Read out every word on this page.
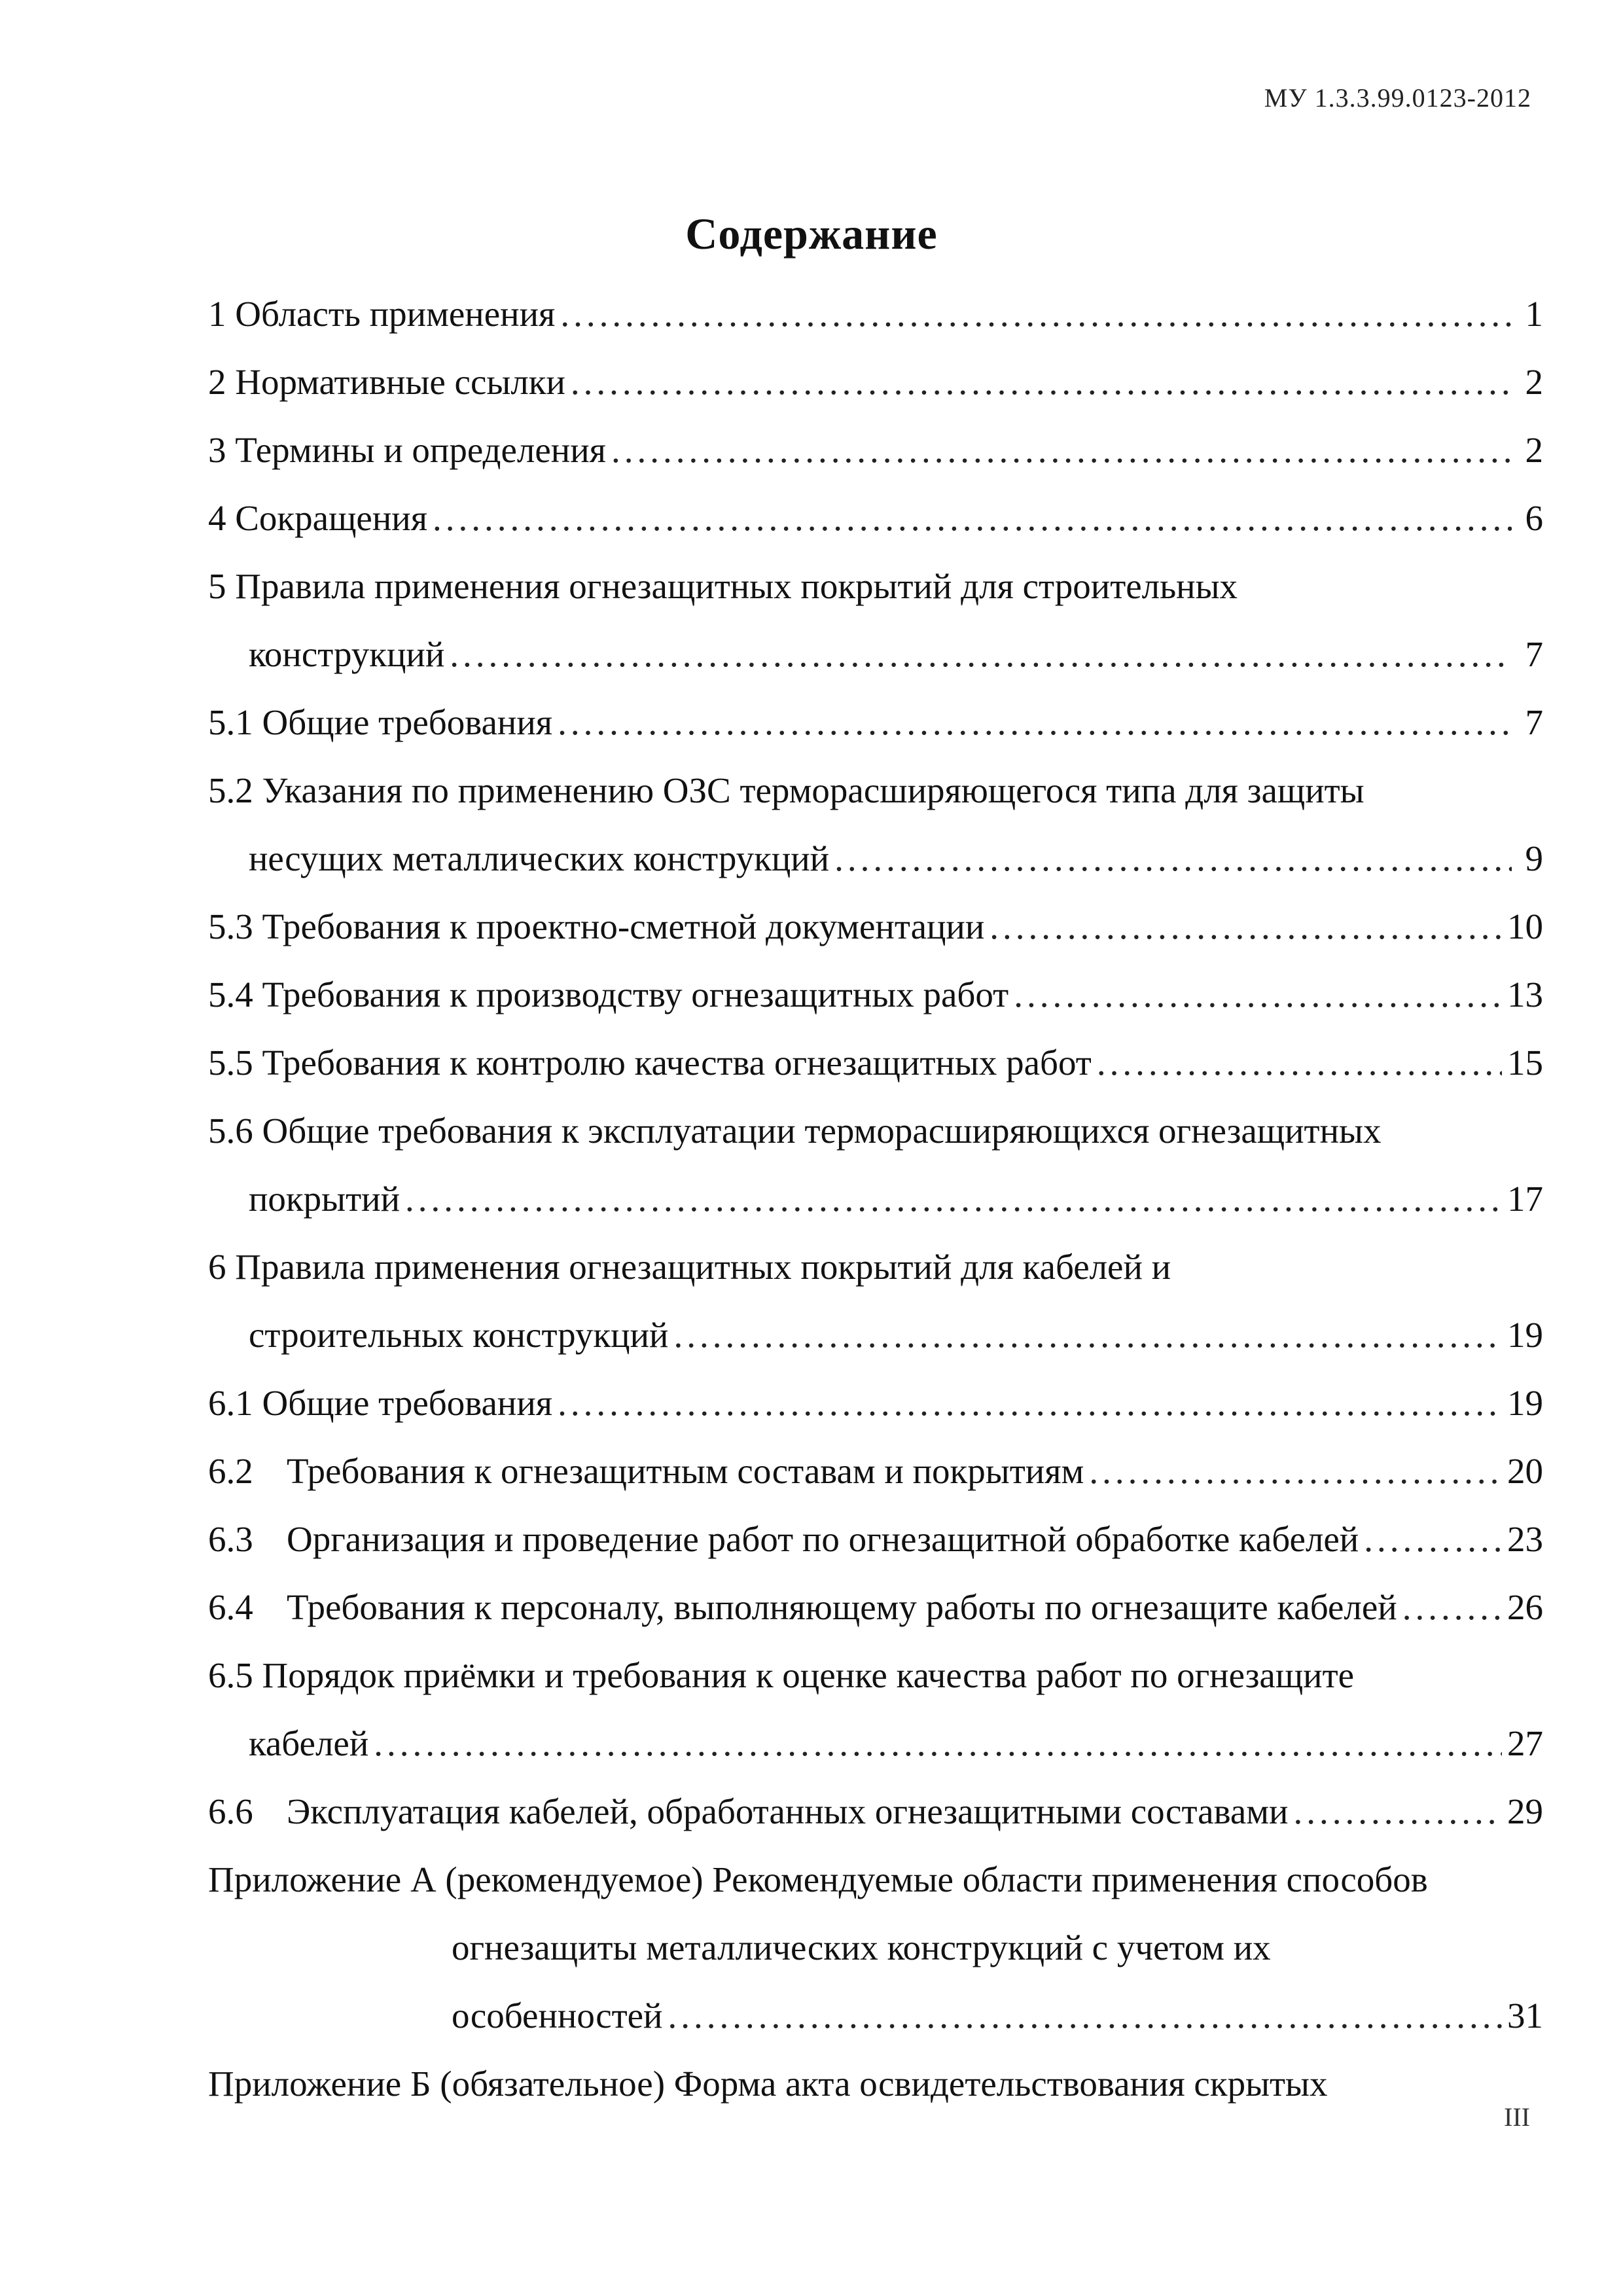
МУ 1.3.3.99.0123-2012
Содержание
1 Область применения .....	1
2 Нормативные ссылки .....	2
3 Термины и определения .....	2
4 Сокращения .....	6
5 Правила применения огнезащитных покрытий для строительных
конструкций .....	7
5.1 Общие требования .....	7
5.2 Указания по применению ОЗС терморасширяющегося типа для защиты
несущих металлических конструкций .....	9
5.3 Требования к проектно-сметной документации .....	10
5.4 Требования к производству огнезащитных работ .....	13
5.5 Требования к контролю качества огнезащитных работ .....	15
5.6 Общие требования к эксплуатации терморасширяющихся огнезащитных
покрытий .....	17
6 Правила применения огнезащитных покрытий для кабелей и
строительных конструкций .....	19
6.1 Общие требования .....	19
6.2 Требования к огнезащитным составам и покрытиям .....	20
6.3 Организация и проведение работ по огнезащитной обработке кабелей .....	23
6.4 Требования к персоналу, выполняющему работы по огнезащите кабелей .....	26
6.5 Порядок приёмки и требования к оценке качества работ по огнезащите
кабелей .....	27
6.6 Эксплуатация кабелей, обработанных огнезащитными составами .....	29
Приложение А (рекомендуемое) Рекомендуемые области применения способов
огнезащиты металлических конструкций с учетом их
особенностей .....	31
Приложение Б (обязательное) Форма акта освидетельствования скрытых
III
